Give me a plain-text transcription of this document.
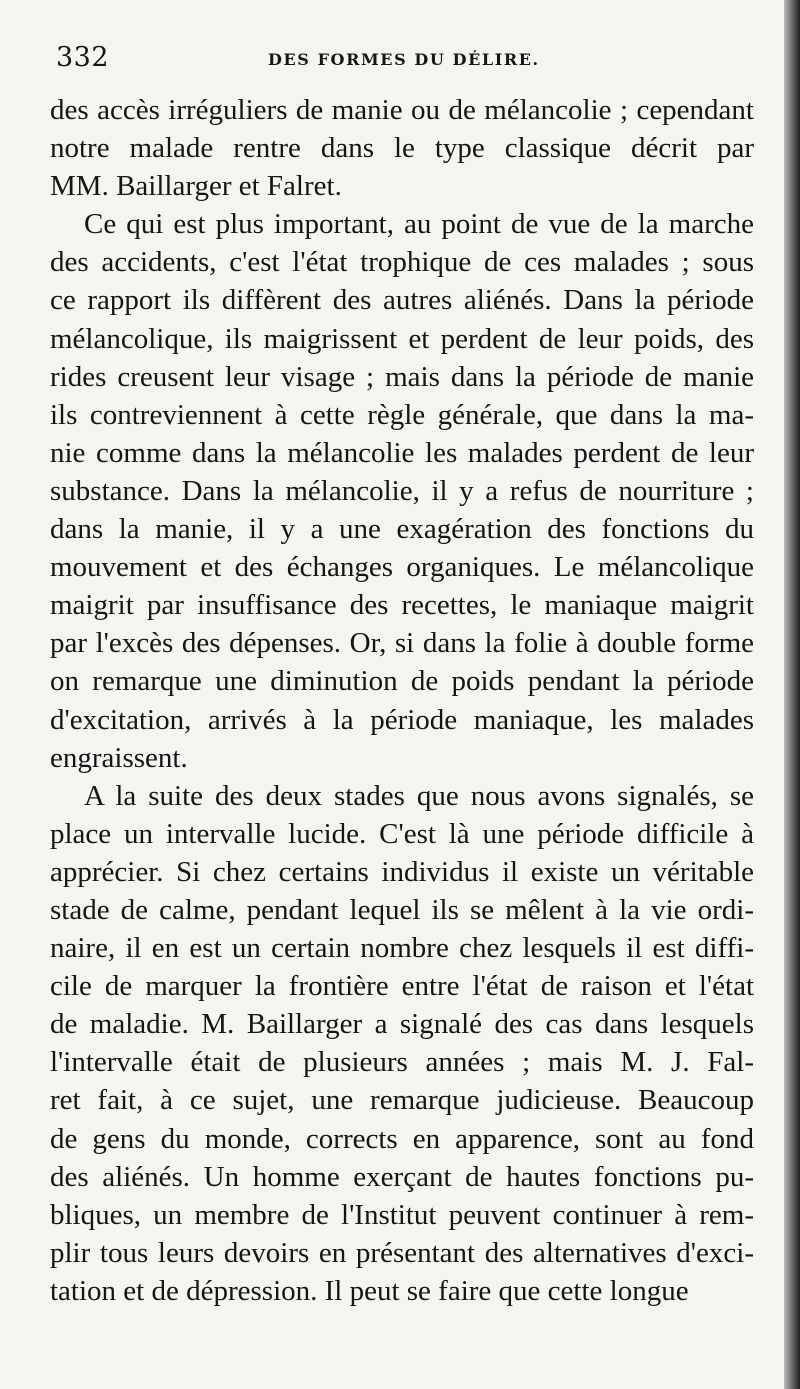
332	DES FORMES DU DÉLIRE.
des accès irréguliers de manie ou de mélancolie ; cependant
notre malade rentre dans le type classique décrit par
MM. Baillarger et Falret.
Ce qui est plus important, au point de vue de la marche
des accidents, c'est l'état trophique de ces malades ; sous
ce rapport ils diffèrent des autres aliénés. Dans la période
mélancolique, ils maigrissent et perdent de leur poids, des
rides creusent leur visage ; mais dans la période de manie
ils contreviennent à cette règle générale, que dans la ma-
nie comme dans la mélancolie les malades perdent de leur
substance. Dans la mélancolie, il y a refus de nourriture ;
dans la manie, il y a une exagération des fonctions du
mouvement et des échanges organiques. Le mélancolique
maigrit par insuffisance des recettes, le maniaque maigrit
par l'excès des dépenses. Or, si dans la folie à double forme
on remarque une diminution de poids pendant la période
d'excitation, arrivés à la période maniaque, les malades
engraissent.
A la suite des deux stades que nous avons signalés, se
place un intervalle lucide. C'est là une période difficile à
apprécier. Si chez certains individus il existe un véritable
stade de calme, pendant lequel ils se mêlent à la vie ordi-
naire, il en est un certain nombre chez lesquels il est diffi-
cile de marquer la frontière entre l'état de raison et l'état
de maladie. M. Baillarger a signalé des cas dans lesquels
l'intervalle était de plusieurs années ; mais M. J. Fal-
ret fait, à ce sujet, une remarque judicieuse. Beaucoup
de gens du monde, corrects en apparence, sont au fond
des aliénés. Un homme exerçant de hautes fonctions pu-
bliques, un membre de l'Institut peuvent continuer à rem-
plir tous leurs devoirs en présentant des alternatives d'exci-
tation et de dépression. Il peut se faire que cette longue
